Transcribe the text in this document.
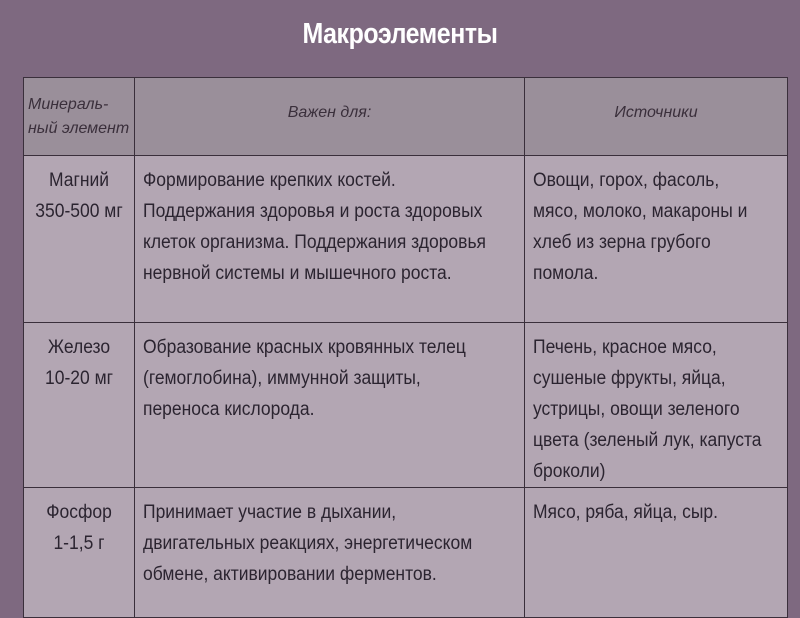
Макроэлементы
Минераль-
ный элемент	Важен для:	Источники

Магний
350-500 мг	Формирование крепких костей.
Поддержания здоровья и роста здоровых
клеток организма. Поддержания здоровья
нервной системы и мышечного роста.	Овощи, горох, фасоль,
мясо, молоко, макароны и
хлеб из зерна грубого
помола.

Железо
10-20 мг	Образование красных кровянных телец
(гемоглобина), иммунной защиты,
переноса кислорода.	Печень, красное мясо,
сушеные фрукты, яйца,
устрицы, овощи зеленого
цвета (зеленый лук, капуста
броколи)

Фосфор
1-1,5 г	Принимает участие в дыхании,
двигательных реакциях, энергетическом
обмене, активировании ферментов.	Мясо, ряба, яйца, сыр.
